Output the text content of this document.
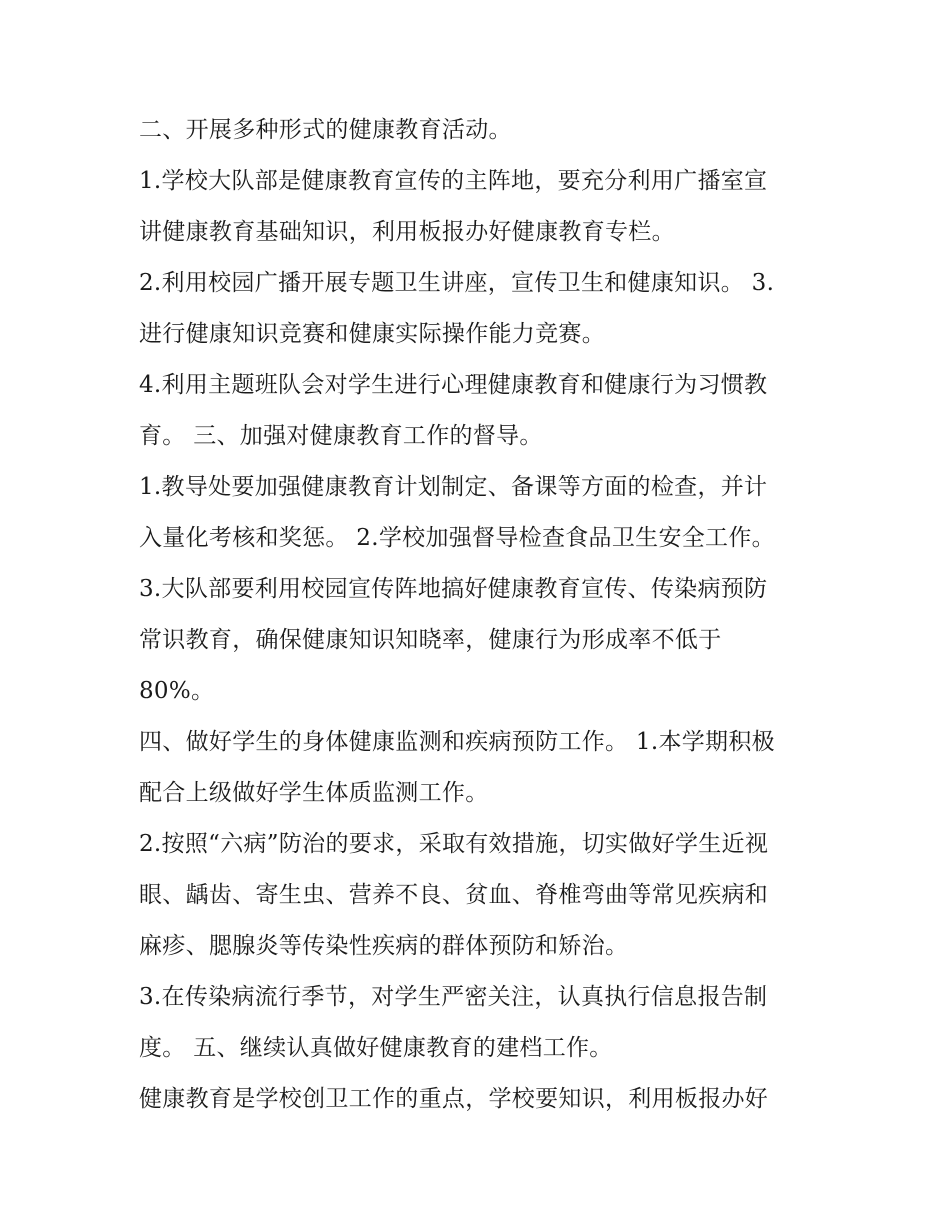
二、开展多种形式的健康教育活动。
1.学校大队部是健康教育宣传的主阵地，要充分利用广播室宣
讲健康教育基础知识，利用板报办好健康教育专栏。
2.利用校园广播开展专题卫生讲座，宣传卫生和健康知识。 3.
进行健康知识竞赛和健康实际操作能力竞赛。
4.利用主题班队会对学生进行心理健康教育和健康行为习惯教
育。 三、加强对健康教育工作的督导。
1.教导处要加强健康教育计划制定、备课等方面的检查，并计
入量化考核和奖惩。 2.学校加强督导检查食品卫生安全工作。
3.大队部要利用校园宣传阵地搞好健康教育宣传、传染病预防
常识教育，确保健康知识知晓率，健康行为形成率不低于
80%。
四、做好学生的身体健康监测和疾病预防工作。 1.本学期积极
配合上级做好学生体质监测工作。
2.按照“六病”防治的要求，采取有效措施，切实做好学生近视
眼、龋齿、寄生虫、营养不良、贫血、脊椎弯曲等常见疾病和
麻疹、腮腺炎等传染性疾病的群体预防和矫治。
3.在传染病流行季节，对学生严密关注，认真执行信息报告制
度。 五、继续认真做好健康教育的建档工作。
健康教育是学校创卫工作的重点，学校要知识，利用板报办好
